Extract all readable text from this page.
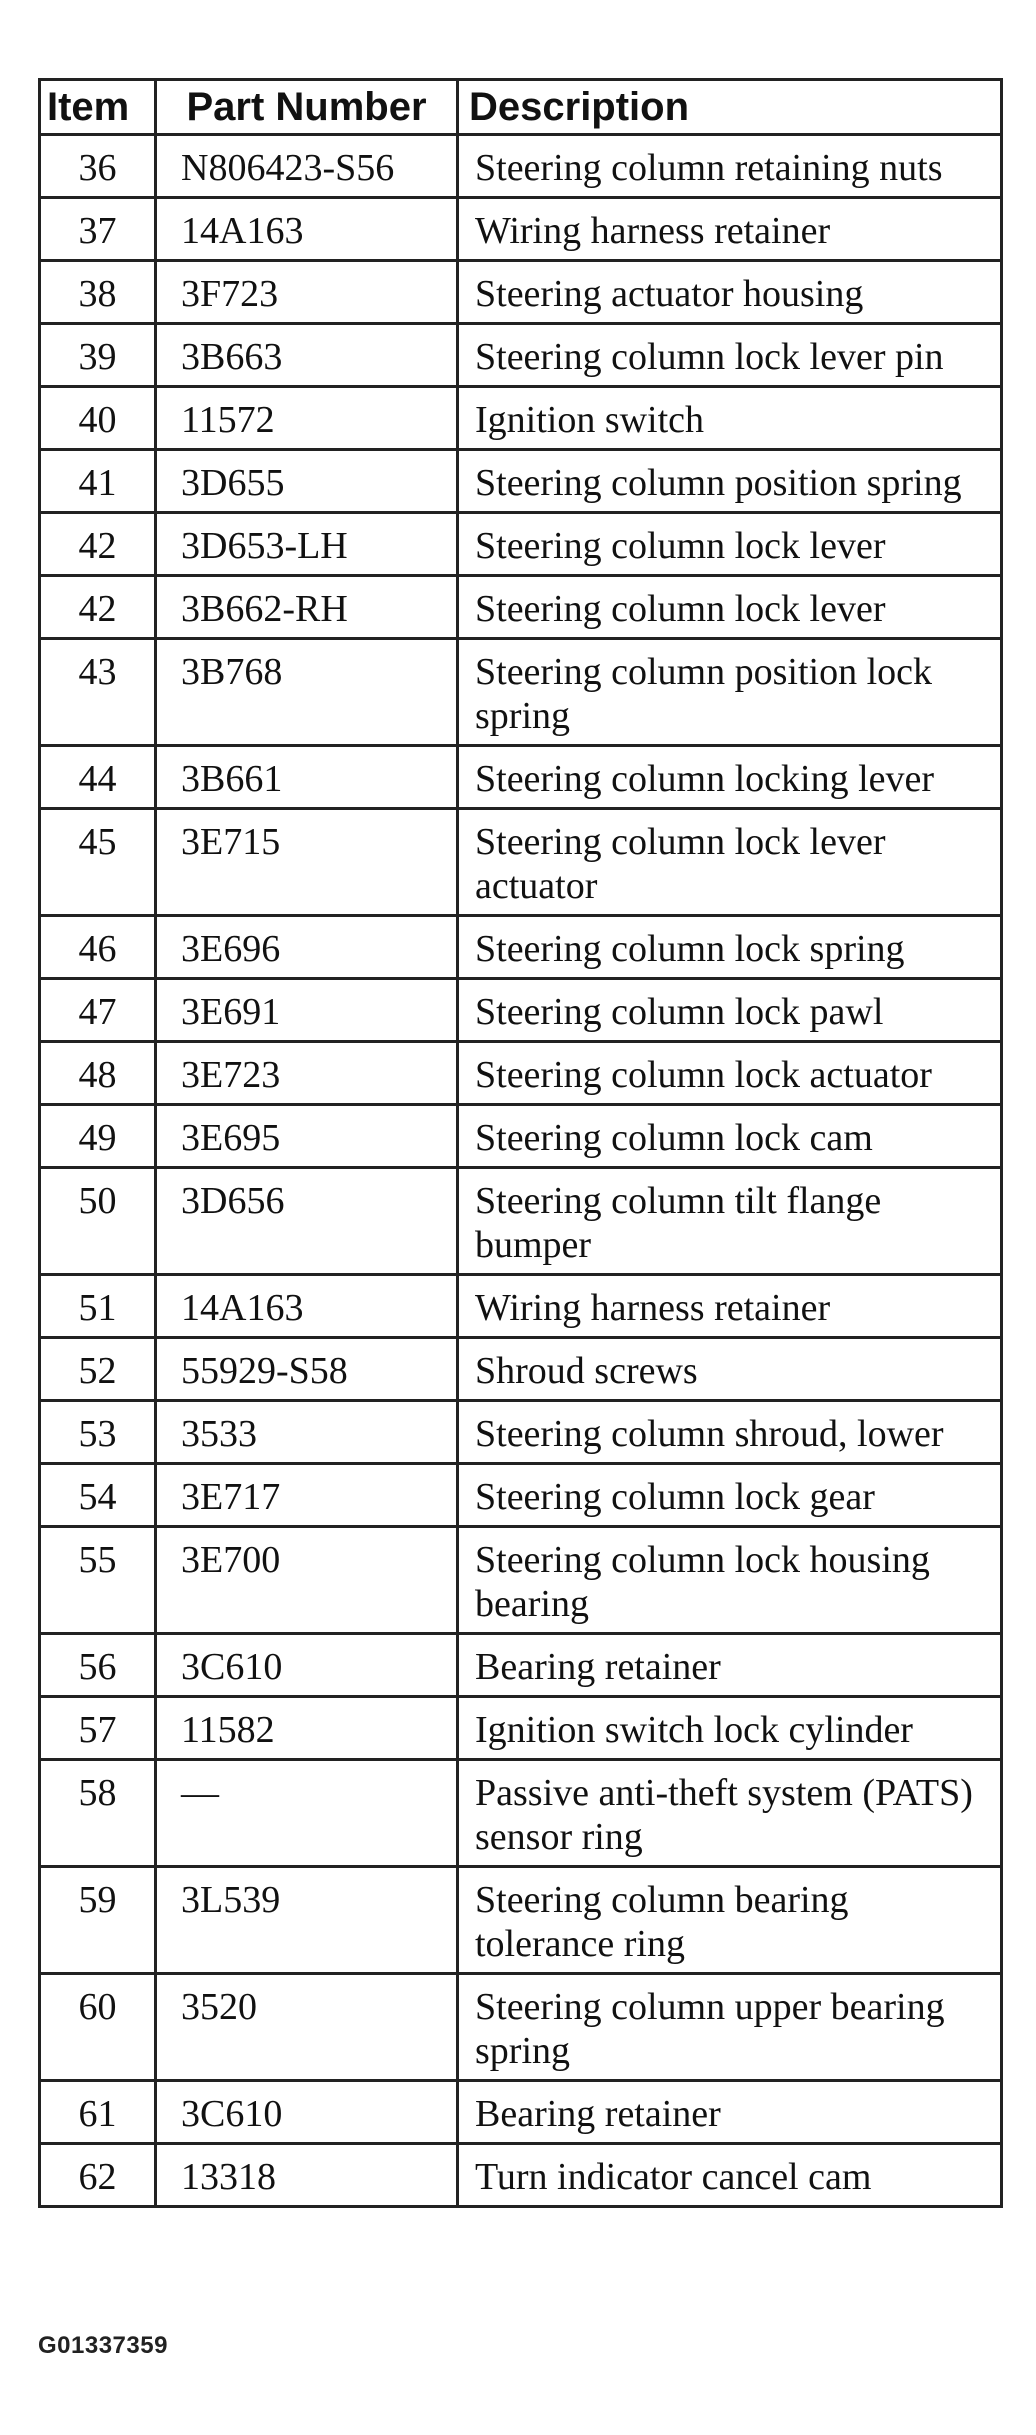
Item	Part Number	Description
36	N806423-S56	Steering column retaining nuts
37	14A163	Wiring harness retainer
38	3F723	Steering actuator housing
39	3B663	Steering column lock lever pin
40	11572	Ignition switch
41	3D655	Steering column position spring
42	3D653-LH	Steering column lock lever
42	3B662-RH	Steering column lock lever
43	3B768	Steering column position lock spring
44	3B661	Steering column locking lever
45	3E715	Steering column lock lever actuator
46	3E696	Steering column lock spring
47	3E691	Steering column lock pawl
48	3E723	Steering column lock actuator
49	3E695	Steering column lock cam
50	3D656	Steering column tilt flange bumper
51	14A163	Wiring harness retainer
52	55929-S58	Shroud screws
53	3533	Steering column shroud, lower
54	3E717	Steering column lock gear
55	3E700	Steering column lock housing bearing
56	3C610	Bearing retainer
57	11582	Ignition switch lock cylinder
58	—	Passive anti-theft system (PATS) sensor ring
59	3L539	Steering column bearing tolerance ring
60	3520	Steering column upper bearing spring
61	3C610	Bearing retainer
62	13318	Turn indicator cancel cam
G01337359
